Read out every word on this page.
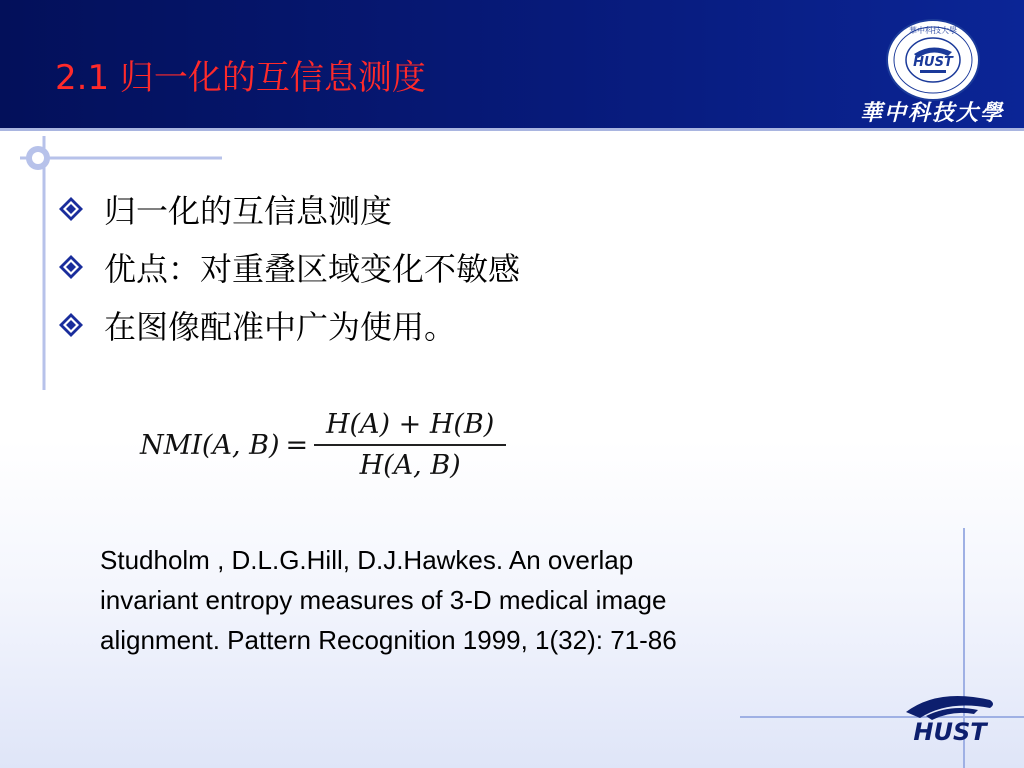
2.1 归一化的互信息测度
華中科技大學
HUST
華中科技大學
归一化的互信息测度
优点：对重叠区域变化不敏感
在图像配准中广为使用。
NMI(A, $B) = \frac{H(A) + H(B)}{H(A, B)}$

Studholm , D.L.G.Hill, D.J.Hawkes. An overlap
invariant entropy measures of 3-D medical image
alignment. Pattern Recognition 1999, 1(32): 71-86

HUST
